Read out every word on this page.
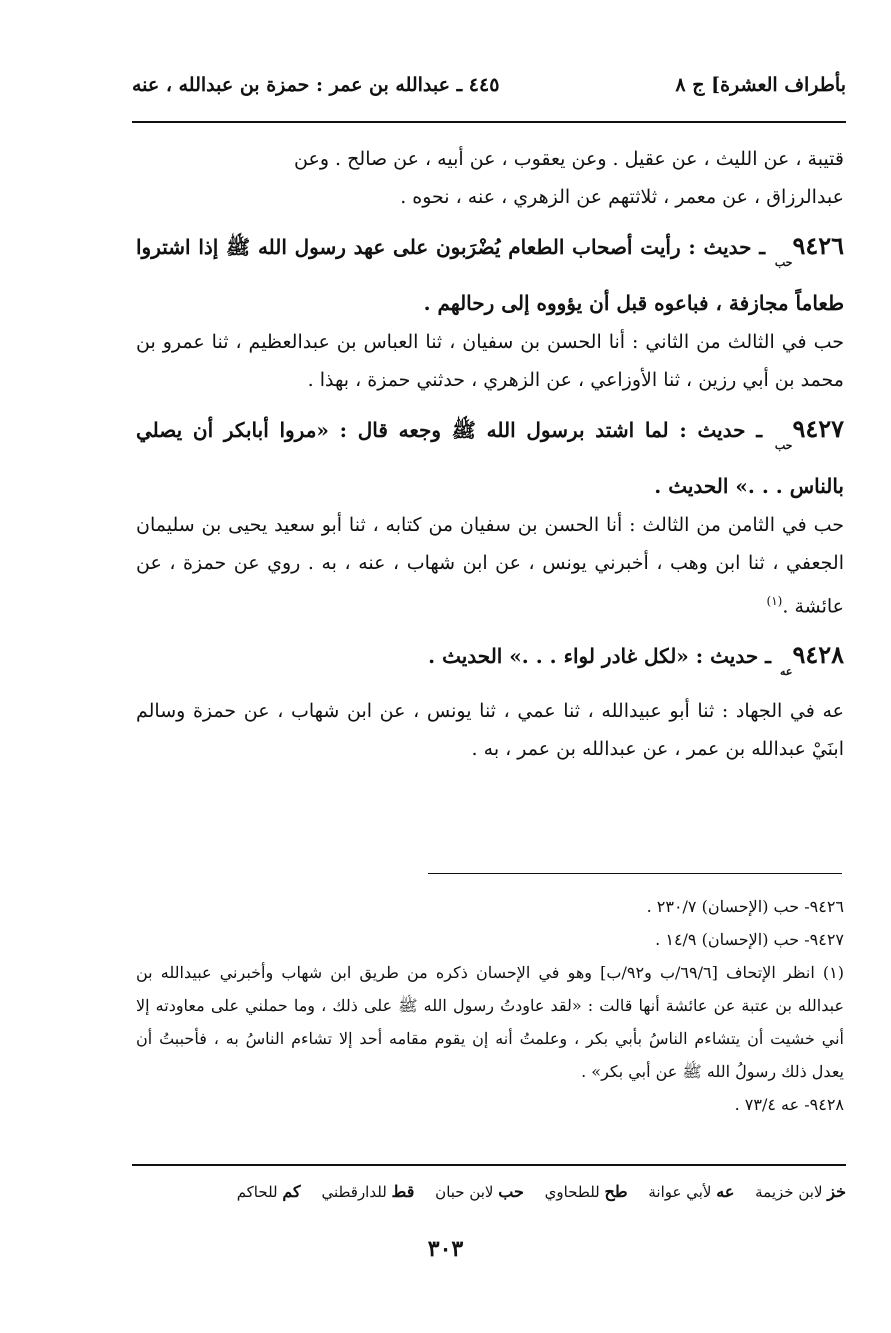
بأطراف العشرة] ج ٨
٤٤٥ ـ عبدالله بن عمر : حمزة بن عبدالله ، عنه

قتيبة ، عن الليث ، عن عقيل . وعن يعقوب ، عن أبيه ، عن صالح . وعن

عبدالرزاق ، عن معمر ، ثلاثتهم عن الزهري ، عنه ، نحوه .

$٩٤٢٦_{حب}$ ـ حديث : رأيت أصحاب الطعام يُضْرَبون على عهد رسول الله ﷺ إذا اشتروا طعاماً مجازفة ، فباعوه قبل أن يؤووه إلى رحالهم .

حب في الثالث من الثاني : أنا الحسن بن سفيان ، ثنا العباس بن عبدالعظيم ، ثنا عمرو بن محمد بن أبي رزين ، ثنا الأوزاعي ، عن الزهري ، حدثني حمزة ، بهذا .

$٩٤٢٧_{حب}$ ـ حديث : لما اشتد برسول الله ﷺ وجعه قال : «مروا أبابكر أن يصلي بالناس . . .» الحديث .

حب في الثامن من الثالث : أنا الحسن بن سفيان من كتابه ، ثنا أبو سعيد يحيى بن سليمان الجعفي ، ثنا ابن وهب ، أخبرني يونس ، عن ابن شهاب ، عنه ، به . روي عن حمزة ، عن عائشة .$^{(١)}$

$٩٤٢٨_{عه}$ ـ حديث : «لكل غادر لواء . . .» الحديث .

عه في الجهاد : ثنا أبو عبيدالله ، ثنا عمي ، ثنا يونس ، عن ابن شهاب ، عن حمزة وسالم ابنَيْ عبدالله بن عمر ، عن عبدالله بن عمر ، به .

٩٤٢٦- حب (الإحسان) ٢٣٠/٧ .

٩٤٢٧- حب (الإحسان) ١٤/٩ .

(١) انظر الإتحاف [٦٩/٦/ب و٩٢/ب] وهو في الإحسان ذكره من طريق ابن شهاب وأخبرني عبيدالله بن عبدالله بن عتبة عن عائشة أنها قالت : «لقد عاودتُ رسول الله ﷺ على ذلك ، وما حملني على معاودته إلا أني خشيت أن يتشاءم الناسُ بأبي بكر ، وعلمتُ أنه إن يقوم مقامه أحد إلا تشاءم الناسُ به ، فأحببتُ أن يعدل ذلك رسولُ الله ﷺ عن أبي بكر» .

٩٤٢٨- عه ٧٣/٤ .

خز لابن خزيمة عه لأبي عوانة طح للطحاوي حب لابن حبان قط للدارقطني كم للحاكم
٣٠٣
